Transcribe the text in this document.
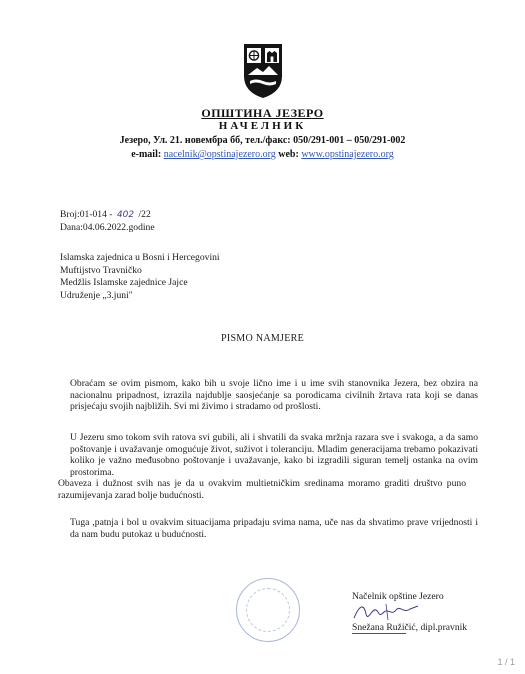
ОПШТИНА ЈЕЗЕРО
НАЧЕЛНИК
Језеро, Ул. 21. новембра бб, тел./факс: 050/291-001 – 050/291-002
e-mail: nacelnik@opstinajezero.org web: www.opstinajezero.org
Broj:01-014 - 402 /22
Dana:04.06.2022.godine
Islamska zajednica u Bosni i Hercegovini
Muftijstvo Travničko
Medžlis Islamske zajednice Jajce
Udruženje „3.juni"
PISMO NAMJERE
Obraćam se ovim pismom, kako bih u svoje lično ime i u ime svih stanovnika Jezera, bez obzira na nacionalnu pripadnost, izrazila najdublje saosjećanje sa porodicama civilnih žrtava rata koji se danas prisjećaju svojih najbližih. Svi mi živimo i stradamo od prošlosti.
U Jezeru smo tokom svih ratova svi gubili, ali i shvatili da svaka mržnja razara sve i svakoga, a da samo poštovanje i uvažavanje omogućuje život, suživot i toleranciju. Mladim generacijama trebamo pokazivati koliko je važno međusobno poštovanje i uvažavanje, kako bi izgradili siguran temelj ostanka na ovim prostorima.
Obaveza i dužnost svih nas je da u ovakvim multietničkim sredinama moramo graditi društvo puno razumijevanja zarad bolje budućnosti.
Tuga ,patnja i bol u ovakvim situacijama pripadaju svima nama, uče nas da shvatimo prave vrijednosti i da nam budu putokaz u budućnosti.
Načelnik opštine Jezero
Snežana Ružičić, dipl.pravnik
1 / 1
